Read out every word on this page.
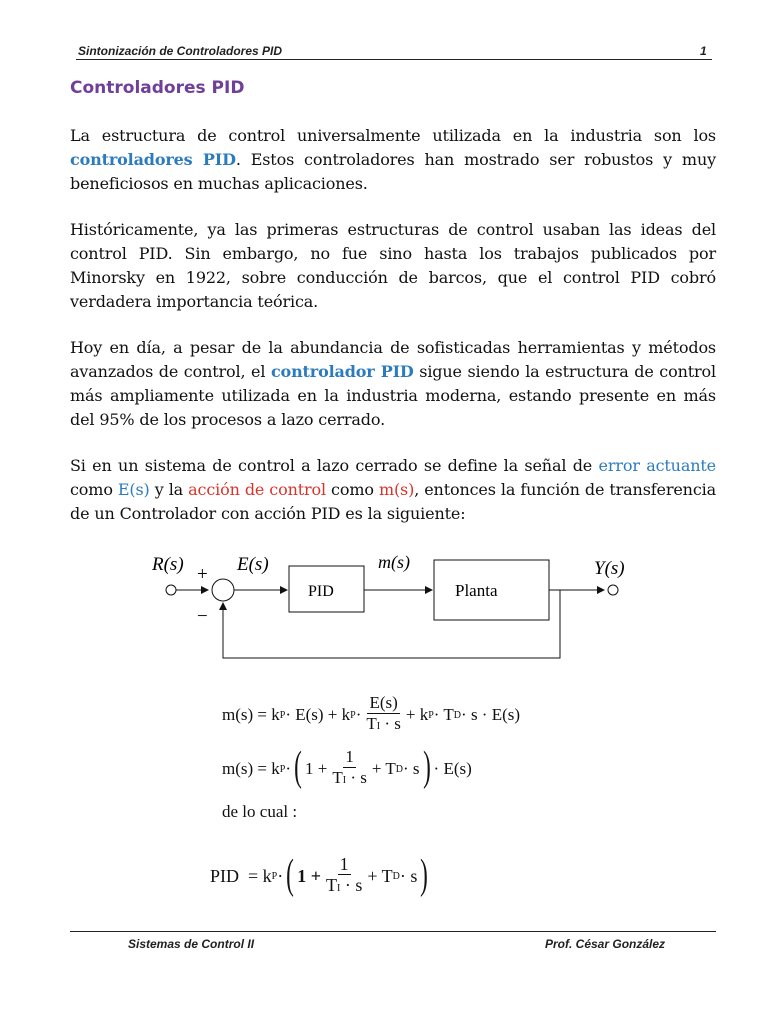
Sintonización de Controladores PID	1
Controladores PID
La estructura de control universalmente utilizada en la industria son los controladores PID. Estos controladores han mostrado ser robustos y muy beneficiosos en muchas aplicaciones.
Históricamente, ya las primeras estructuras de control usaban las ideas del control PID. Sin embargo, no fue sino hasta los trabajos publicados por Minorsky en 1922, sobre conducción de barcos, que el control PID cobró verdadera importancia teórica.
Hoy en día, a pesar de la abundancia de sofisticadas herramientas y métodos avanzados de control, el controlador PID sigue siendo la estructura de control más ampliamente utilizada en la industria moderna, estando presente en más del 95% de los procesos a lazo cerrado.
Si en un sistema de control a lazo cerrado se define la señal de error actuante como E(s) y la acción de control como m(s), entonces la función de transferencia de un Controlador con acción PID es la siguiente:
R(s) +
−
E(s)	m(s)
PID	Planta
Y(s)
m(s) = k P · E(s) + k $P \cdot \frac{E(s)}{TI \cdot s} + k$ P · T D · s · E(s)
m(s) = k P · ( $1 + \frac{1}{TI \cdot s} + T$ D · s ) · E(s)
de lo cual :
PID  = k P · ( $1 + \frac{1}{TI \cdot s} + T$ D · s )
Sistemas de Control II	Prof. César González
